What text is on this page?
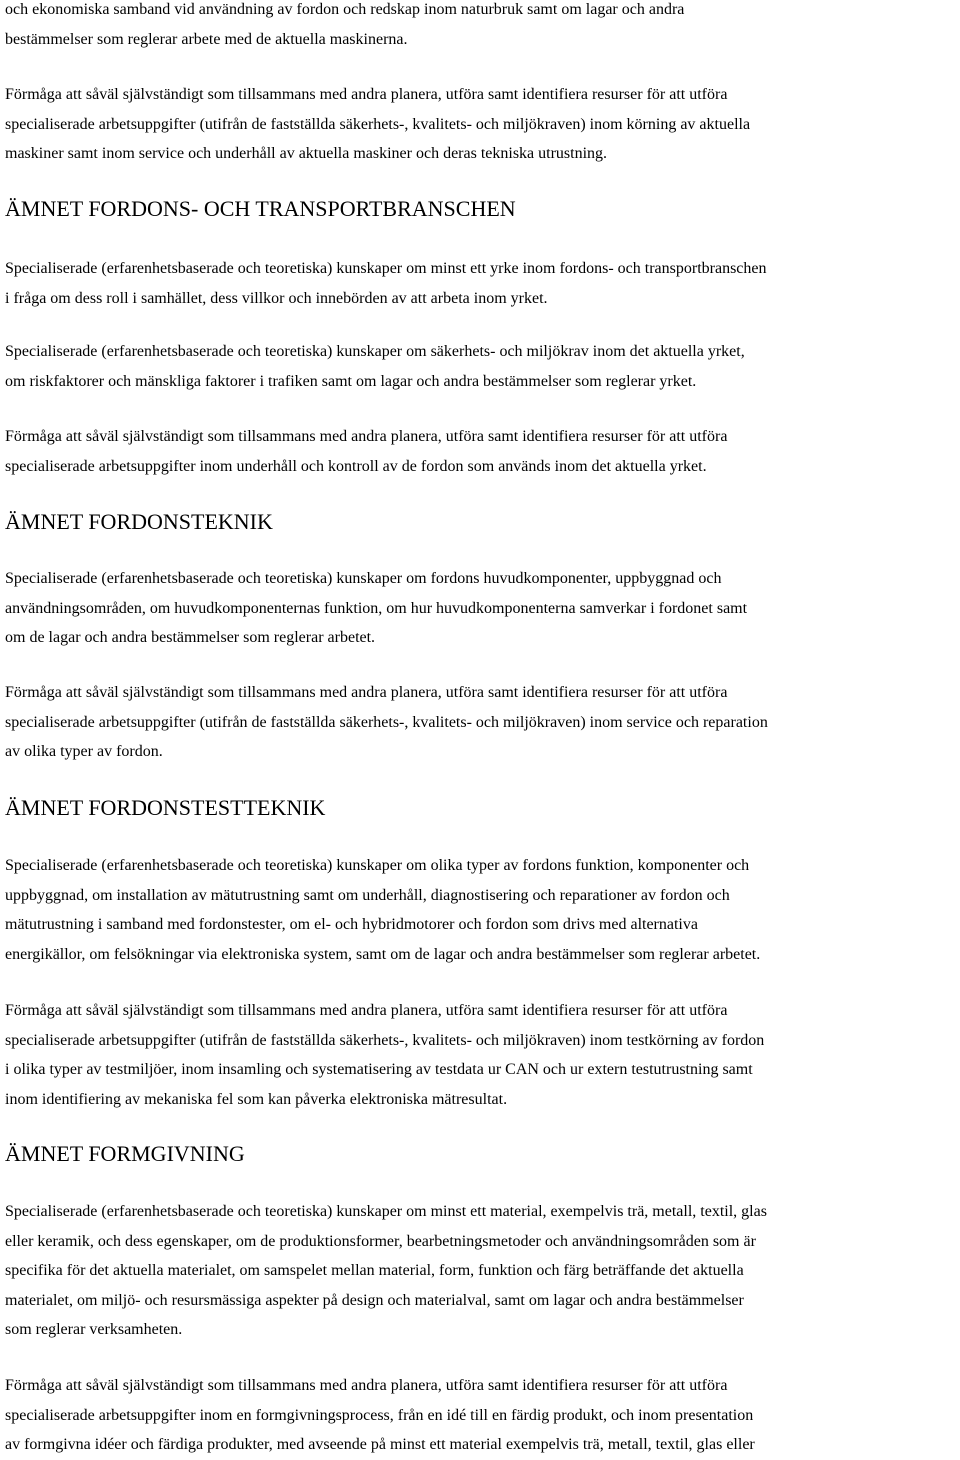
och ekonomiska samband vid användning av fordon och redskap inom naturbruk samt om lagar och andra
bestämmelser som reglerar arbete med de aktuella maskinerna.
Förmåga att såväl självständigt som tillsammans med andra planera, utföra samt identifiera resurser för att utföra
specialiserade arbetsuppgifter (utifrån de fastställda säkerhets-, kvalitets- och miljökraven) inom körning av aktuella
maskiner samt inom service och underhåll av aktuella maskiner och deras tekniska utrustning.
ÄMNET FORDONS- OCH TRANSPORTBRANSCHEN
Specialiserade (erfarenhetsbaserade och teoretiska) kunskaper om minst ett yrke inom fordons- och transportbranschen
i fråga om dess roll i samhället, dess villkor och innebörden av att arbeta inom yrket.
Specialiserade (erfarenhetsbaserade och teoretiska) kunskaper om säkerhets- och miljökrav inom det aktuella yrket,
om riskfaktorer och mänskliga faktorer i trafiken samt om lagar och andra bestämmelser som reglerar yrket.
Förmåga att såväl självständigt som tillsammans med andra planera, utföra samt identifiera resurser för att utföra
specialiserade arbetsuppgifter inom underhåll och kontroll av de fordon som används inom det aktuella yrket.
ÄMNET FORDONSTEKNIK
Specialiserade (erfarenhetsbaserade och teoretiska) kunskaper om fordons huvudkomponenter, uppbyggnad och
användningsområden, om huvudkomponenternas funktion, om hur huvudkomponenterna samverkar i fordonet samt
om de lagar och andra bestämmelser som reglerar arbetet.
Förmåga att såväl självständigt som tillsammans med andra planera, utföra samt identifiera resurser för att utföra
specialiserade arbetsuppgifter (utifrån de fastställda säkerhets-, kvalitets- och miljökraven) inom service och reparation
av olika typer av fordon.
ÄMNET FORDONSTESTTEKNIK
Specialiserade (erfarenhetsbaserade och teoretiska) kunskaper om olika typer av fordons funktion, komponenter och
uppbyggnad, om installation av mätutrustning samt om underhåll, diagnostisering och reparationer av fordon och
mätutrustning i samband med fordonstester, om el- och hybridmotorer och fordon som drivs med alternativa
energikällor, om felsökningar via elektroniska system, samt om de lagar och andra bestämmelser som reglerar arbetet.
Förmåga att såväl självständigt som tillsammans med andra planera, utföra samt identifiera resurser för att utföra
specialiserade arbetsuppgifter (utifrån de fastställda säkerhets-, kvalitets- och miljökraven) inom testkörning av fordon
i olika typer av testmiljöer, inom insamling och systematisering av testdata ur CAN och ur extern testutrustning samt
inom identifiering av mekaniska fel som kan påverka elektroniska mätresultat.
ÄMNET FORMGIVNING
Specialiserade (erfarenhetsbaserade och teoretiska) kunskaper om minst ett material, exempelvis trä, metall, textil, glas
eller keramik, och dess egenskaper, om de produktionsformer, bearbetningsmetoder och användningsområden som är
specifika för det aktuella materialet, om samspelet mellan material, form, funktion och färg beträffande det aktuella
materialet, om miljö- och resursmässiga aspekter på design och materialval, samt om lagar och andra bestämmelser
som reglerar verksamheten.
Förmåga att såväl självständigt som tillsammans med andra planera, utföra samt identifiera resurser för att utföra
specialiserade arbetsuppgifter inom en formgivningsprocess, från en idé till en färdig produkt, och inom presentation
av formgivna idéer och färdiga produkter, med avseende på minst ett material exempelvis trä, metall, textil, glas eller
